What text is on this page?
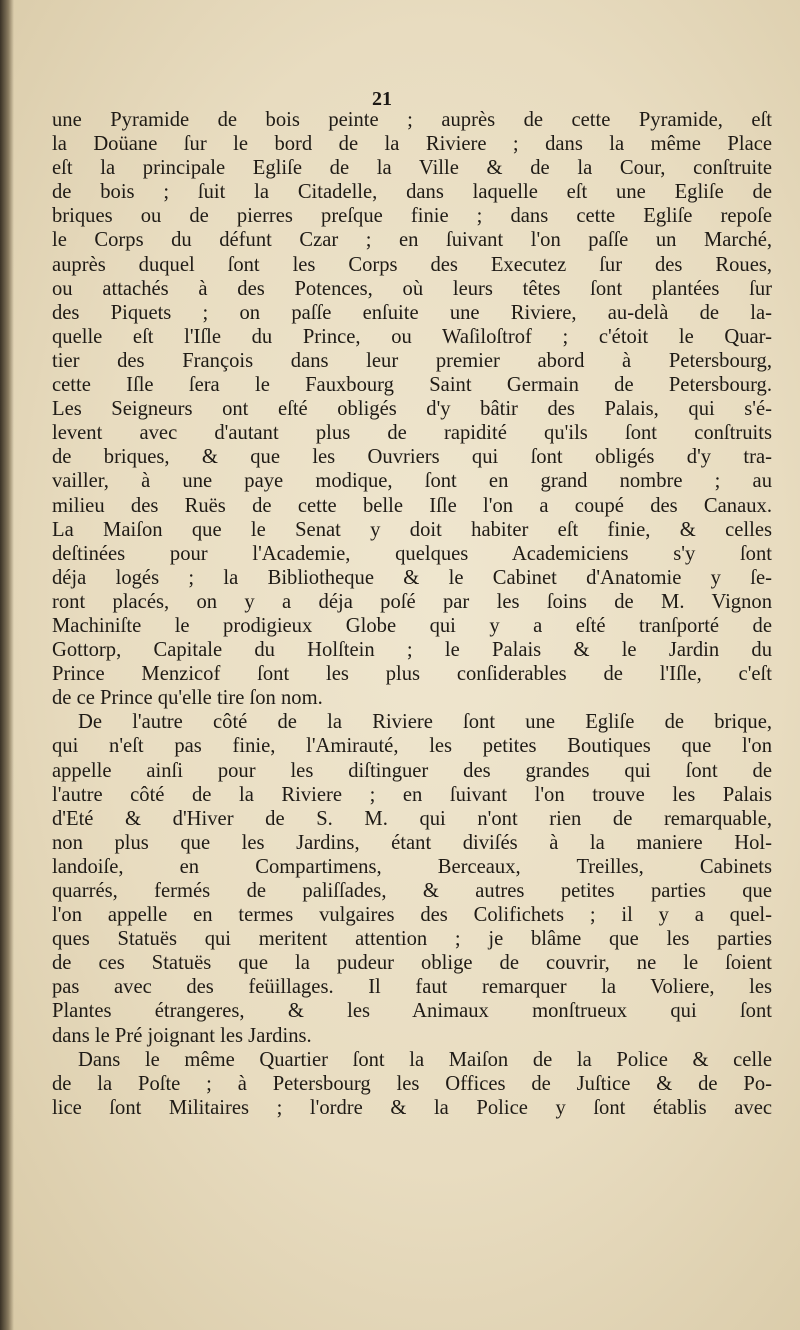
21
une Pyramide de bois peinte ; auprès de cette Pyramide, eſt
la Doüane ſur le bord de la Riviere ; dans la même Place
eſt la principale Egliſe de la Ville & de la Cour, conſtruite
de bois ; ſuit la Citadelle, dans laquelle eſt une Egliſe de
briques ou de pierres preſque finie ; dans cette Egliſe repoſe
le Corps du défunt Czar ; en ſuivant l'on paſſe un Marché,
auprès duquel ſont les Corps des Executez ſur des Roues,
ou attachés à des Potences, où leurs têtes ſont plantées ſur
des Piquets ; on paſſe enſuite une Riviere, au-delà de la-
quelle eſt l'Iſle du Prince, ou Waſiloſtrof ; c'étoit le Quar-
tier des François dans leur premier abord à Petersbourg,
cette Iſle ſera le Fauxbourg Saint Germain de Petersbourg.
Les Seigneurs ont eſté obligés d'y bâtir des Palais, qui s'é-
levent avec d'autant plus de rapidité qu'ils ſont conſtruits
de briques, & que les Ouvriers qui ſont obligés d'y tra-
vailler, à une paye modique, ſont en grand nombre ; au
milieu des Ruës de cette belle Iſle l'on a coupé des Canaux.
La Maiſon que le Senat y doit habiter eſt finie, & celles
deſtinées pour l'Academie, quelques Academiciens s'y ſont
déja logés ; la Bibliotheque & le Cabinet d'Anatomie y ſe-
ront placés, on y a déja poſé par les ſoins de M. Vignon
Machiniſte le prodigieux Globe qui y a eſté tranſporté de
Gottorp, Capitale du Holſtein ; le Palais & le Jardin du
Prince Menzicof ſont les plus conſiderables de l'Iſle, c'eſt
de ce Prince qu'elle tire ſon nom.
De l'autre côté de la Riviere ſont une Egliſe de brique,
qui n'eſt pas finie, l'Amirauté, les petites Boutiques que l'on
appelle ainſi pour les diſtinguer des grandes qui ſont de
l'autre côté de la Riviere ; en ſuivant l'on trouve les Palais
d'Eté & d'Hiver de S. M. qui n'ont rien de remarquable,
non plus que les Jardins, étant diviſés à la maniere Hol-
landoiſe, en Compartimens, Berceaux, Treilles, Cabinets
quarrés, fermés de paliſſades, & autres petites parties que
l'on appelle en termes vulgaires des Colifichets ; il y a quel-
ques Statuës qui meritent attention ; je blâme que les parties
de ces Statuës que la pudeur oblige de couvrir, ne le ſoient
pas avec des feüillages. Il faut remarquer la Voliere, les
Plantes étrangeres, & les Animaux monſtrueux qui ſont
dans le Pré joignant les Jardins.
Dans le même Quartier ſont la Maiſon de la Police & celle
de la Poſte ; à Petersbourg les Offices de Juſtice & de Po-
lice ſont Militaires ; l'ordre & la Police y ſont établis avec
